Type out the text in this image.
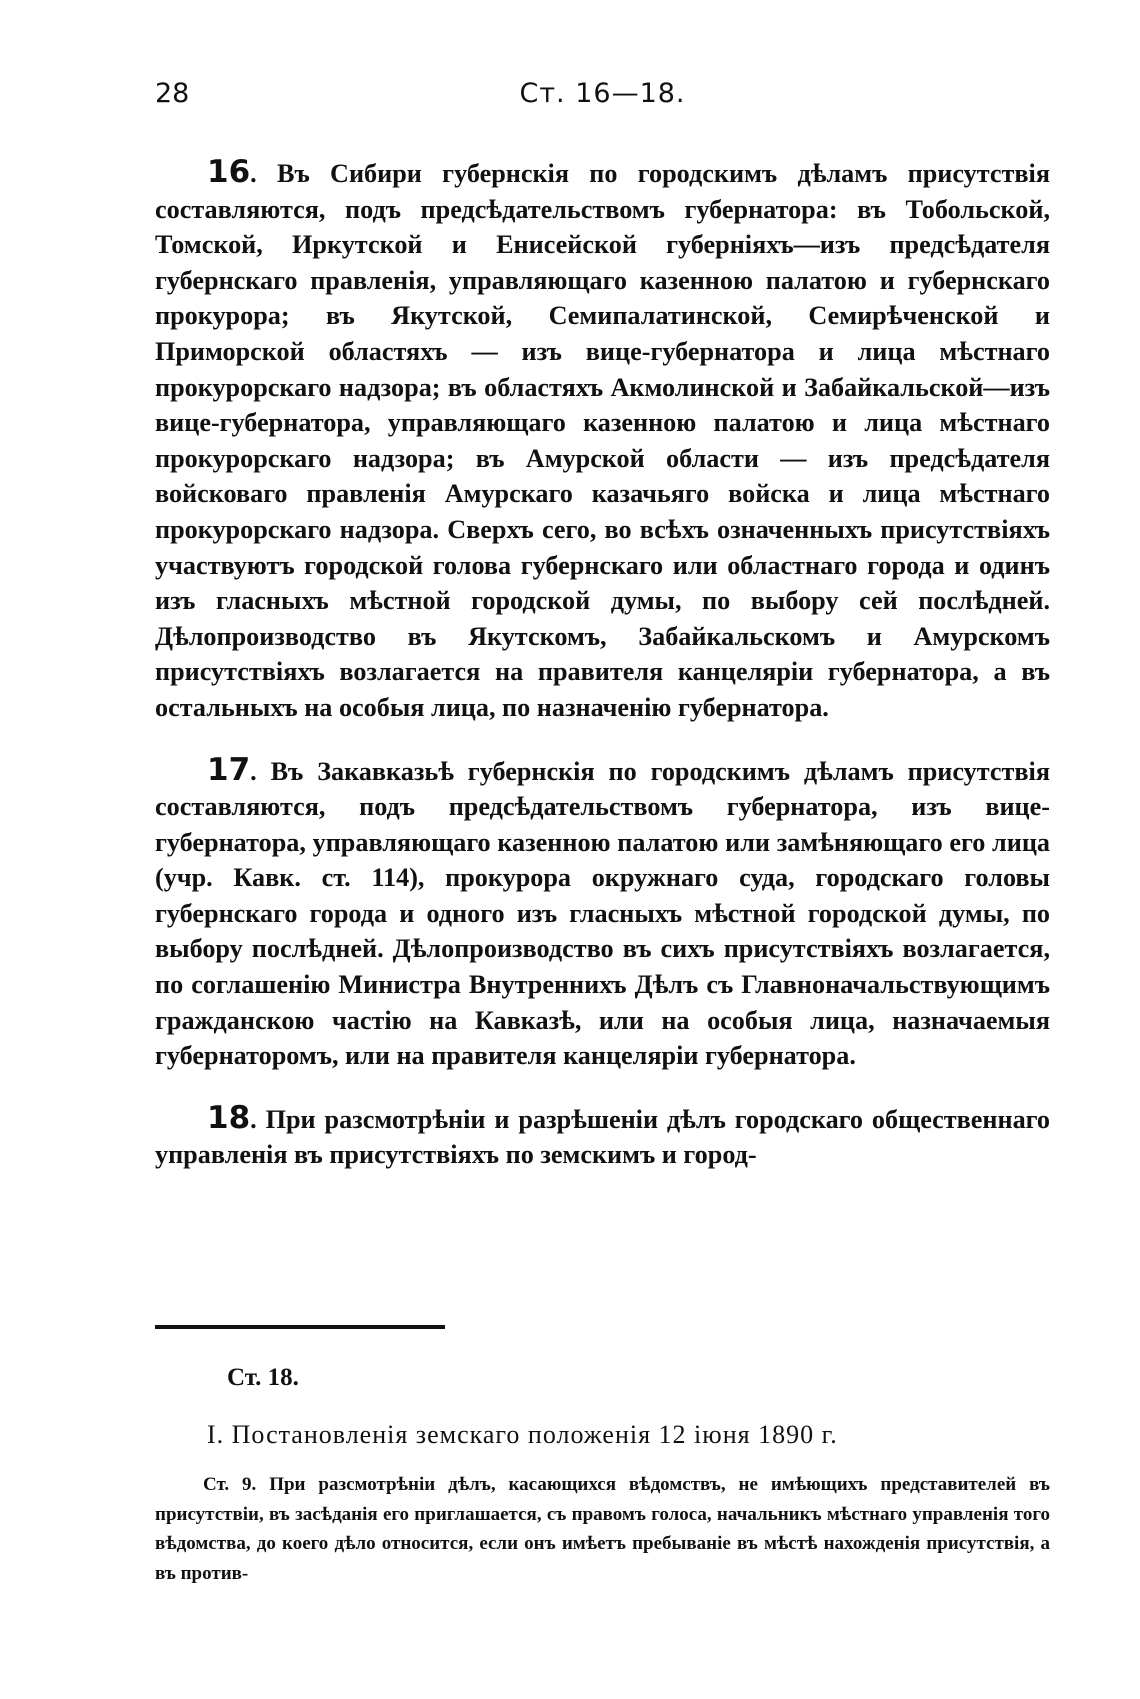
28	Ст. 16—18.

16. Въ Сибири губернскія по городскимъ дѣламъ присутствія составляются, подъ предсѣдательствомъ губернатора: въ Тобольской, Томской, Иркутской и Енисейской губерніяхъ—изъ предсѣдателя губернскаго правленія, управляющаго казенною палатою и губернскаго прокурора; въ Якутской, Семипалатинской, Семирѣченской и Приморской областяхъ — изъ вице-губернатора и лица мѣстнаго прокурорскаго надзора; въ областяхъ Акмолинской и Забайкальской—изъ вице-губернатора, управляющаго казенною палатою и лица мѣстнаго прокурорскаго надзора; въ Амурской области — изъ предсѣдателя войсковаго правленія Амурскаго казачьяго войска и лица мѣстнаго прокурорскаго надзора. Сверхъ сего, во всѣхъ означенныхъ присутствіяхъ участвуютъ городской голова губернскаго или областнаго города и одинъ изъ гласныхъ мѣстной городской думы, по выбору сей послѣдней. Дѣлопроизводство въ Якутскомъ, Забайкальскомъ и Амурскомъ присутствіяхъ возлагается на правителя канцеляріи губернатора, а въ остальныхъ на особыя лица, по назначенію губернатора.

17. Въ Закавказьѣ губернскія по городскимъ дѣламъ присутствія составляются, подъ предсѣдательствомъ губернатора, изъ вице-губернатора, управляющаго казенною палатою или замѣняющаго его лица (учр. Кавк. ст. 114), прокурора окружнаго суда, городскаго головы губернскаго города и одного изъ гласныхъ мѣстной городской думы, по выбору послѣдней. Дѣлопроизводство въ сихъ присутствіяхъ возлагается, по соглашенію Министра Внутреннихъ Дѣлъ съ Главноначальствующимъ гражданскою частію на Кавказѣ, или на особыя лица, назначаемыя губернаторомъ, или на правителя канцеляріи губернатора.

18. При разсмотрѣніи и разрѣшеніи дѣлъ городскаго общественнаго управленія въ присутствіяхъ по земскимъ и город-

Ст. 18.
I. Постановленія земскаго положенія 12 іюня 1890 г.

Ст. 9. При разсмотрѣніи дѣлъ, касающихся вѣдомствъ, не имѣющихъ представителей въ присутствіи, въ засѣданія его приглашается, съ правомъ голоса, начальникъ мѣстнаго управленія того вѣдомства, до коего дѣло относится, если онъ имѣетъ пребываніе въ мѣстѣ нахожденія присутствія, а въ против-
